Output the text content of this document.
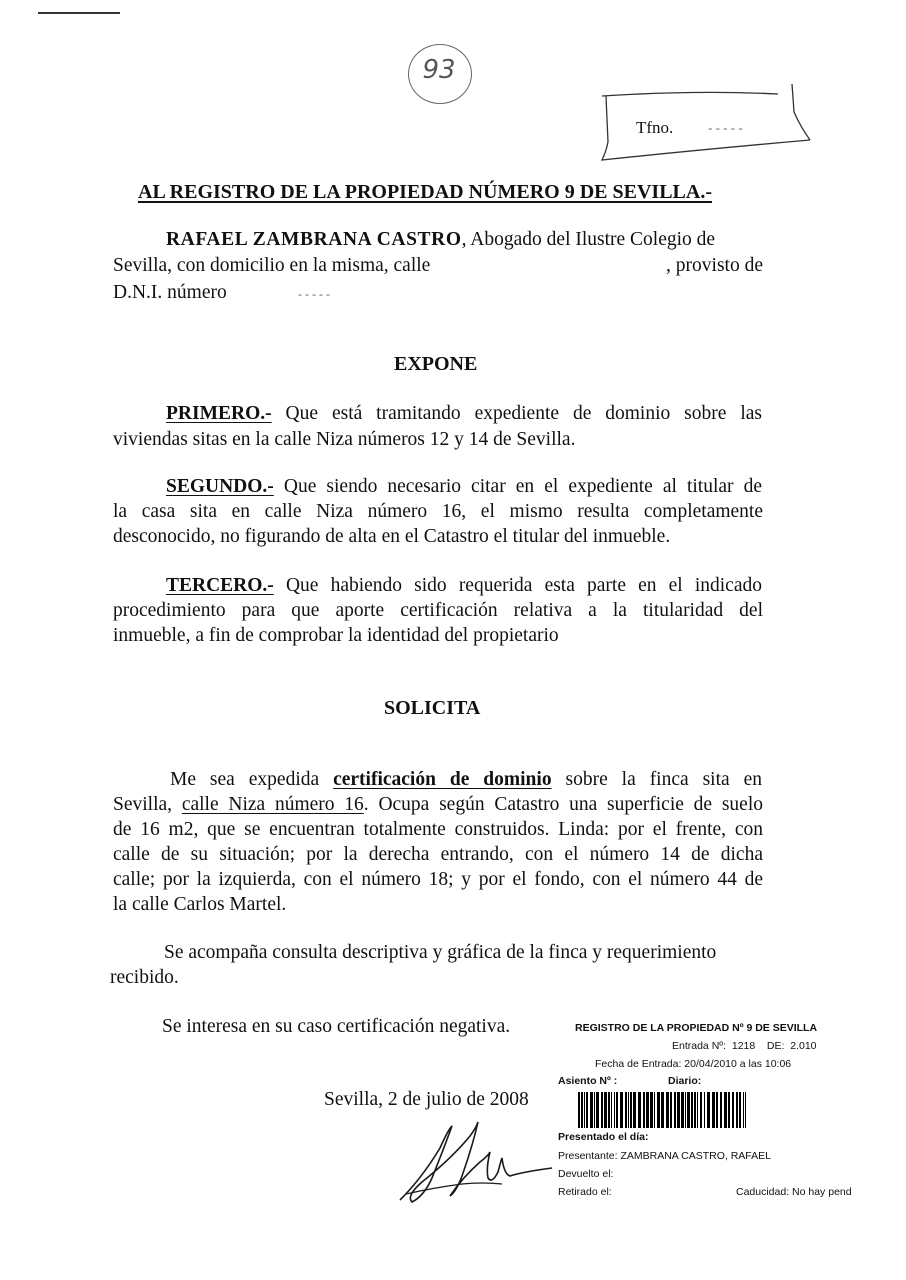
93
Tfno.	- - - - -
AL REGISTRO DE LA PROPIEDAD NÚMERO 9 DE SEVILLA.-
RAFAEL ZAMBRANA CASTRO, Abogado del Ilustre Colegio de
Sevilla, con domicilio en la misma, calle	, provisto de
D.N.I. número	- - - - -
EXPONE
PRIMERO.- Que está tramitando expediente de dominio sobre las
viviendas sitas en la calle Niza números 12 y 14 de Sevilla.
SEGUNDO.- Que siendo necesario citar en el expediente al titular de
la casa sita en calle Niza número 16, el mismo resulta completamente
desconocido, no figurando de alta en el Catastro el titular del inmueble.
TERCERO.- Que habiendo sido requerida esta parte en el indicado
procedimiento para que aporte certificación relativa a la titularidad del
inmueble, a fin de comprobar la identidad del propietario
SOLICITA
Me sea expedida certificación de dominio sobre la finca sita en
Sevilla, calle Niza número 16. Ocupa según Catastro una superficie de suelo
de 16 m2, que se encuentran totalmente construidos. Linda: por el frente, con
calle de su situación; por la derecha entrando, con el número 14 de dicha
calle; por la izquierda, con el número 18; y por el fondo, con el número 44 de
la calle Carlos Martel.
Se acompaña consulta descriptiva y gráfica de la finca y requerimiento
recibido.
Se interesa en su caso certificación negativa.
Sevilla, 2 de julio de 2008
REGISTRO DE LA PROPIEDAD Nº 9 DE SEVILLA
Entrada Nº:  1218    DE:  2.010
Fecha de Entrada: 20/04/2010 a las 10:06
Asiento Nº :	Diario:
Presentado el día:
Presentante: ZAMBRANA CASTRO, RAFAEL
Devuelto el:
Retirado el:	Caducidad: No hay pend
